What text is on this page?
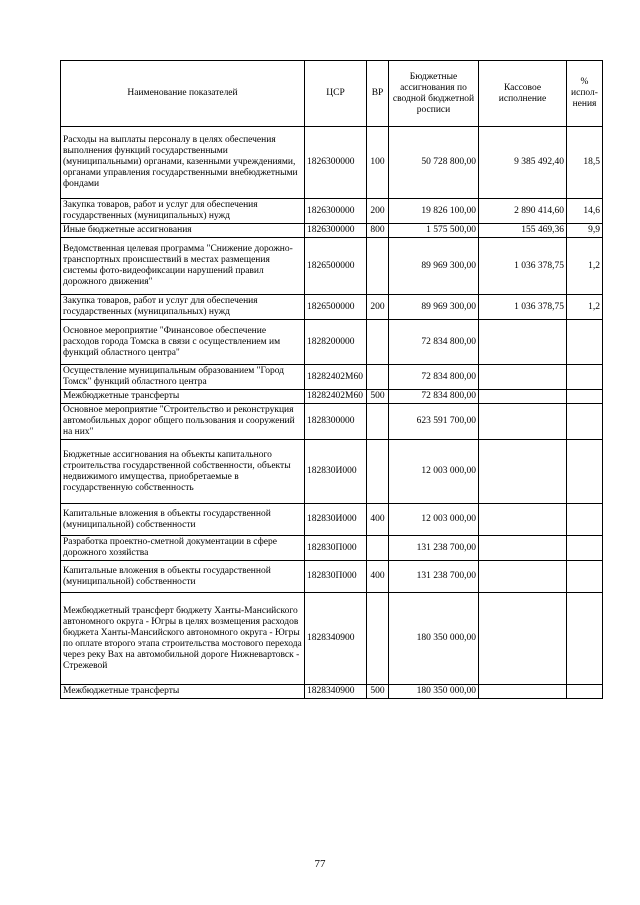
Наименование показателей	ЦСР	ВР	Бюджетные ассигнования по сводной бюджетной росписи	Кассовое исполнение	% испол-нения
Расходы на выплаты персоналу в целях обеспечения выполнения функций государственными (муниципальными) органами, казенными учреждениями, органами управления государственными внебюджетными фондами	1826300000	100	50 728 800,00	9 385 492,40	18,5
Закупка товаров, работ и услуг для обеспечения государственных (муниципальных) нужд	1826300000	200	19 826 100,00	2 890 414,60	14,6
Иные бюджетные ассигнования	1826300000	800	1 575 500,00	155 469,36	9,9
Ведомственная целевая программа "Снижение дорожно-транспортных происшествий в местах размещения системы фото-видеофиксации нарушений правил дорожного движения"	1826500000		89 969 300,00	1 036 378,75	1,2
Закупка товаров, работ и услуг для обеспечения государственных (муниципальных) нужд	1826500000	200	89 969 300,00	1 036 378,75	1,2
Основное мероприятие "Финансовое обеспечение расходов города Томска в связи с осуществлением им функций областного центра"	1828200000		72 834 800,00		
Осуществление муниципальным образованием "Город Томск" функций областного центра	18282402М60		72 834 800,00		
Межбюджетные трансферты	18282402М60	500	72 834 800,00		
Основное мероприятие "Строительство и реконструкция автомобильных дорог общего пользования и сооружений на них"	1828300000		623 591 700,00		
Бюджетные ассигнования на объекты капитального строительства государственной собственности, объекты недвижимого имущества, приобретаемые в государственную собственность	182830И000		12 003 000,00		
Капитальные вложения в объекты государственной (муниципальной) собственности	182830И000	400	12 003 000,00		
Разработка проектно-сметной документации в сфере дорожного хозяйства	182830П000		131 238 700,00		
Капитальные вложения в объекты государственной (муниципальной) собственности	182830П000	400	131 238 700,00		
Межбюджетный трансферт бюджету Ханты-Мансийского автономного округа - Югры в целях возмещения расходов бюджета Ханты-Мансийского автономного округа - Югры по оплате второго этапа строительства мостового перехода через реку Вах на автомобильной дороге Нижневартовск - Стрежевой	1828340900		180 350 000,00		
Межбюджетные трансферты	1828340900	500	180 350 000,00		
77
